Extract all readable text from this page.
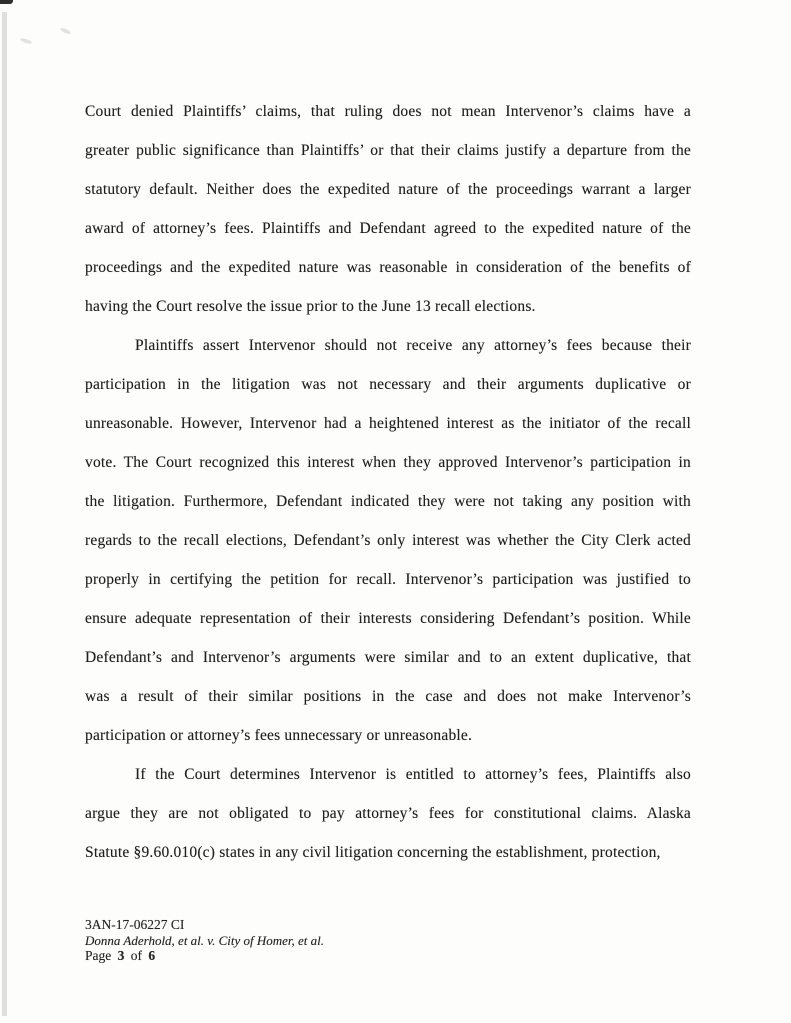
Court denied Plaintiffs’ claims, that ruling does not mean Intervenor’s claims have a
greater public significance than Plaintiffs’ or that their claims justify a departure from the
statutory default. Neither does the expedited nature of the proceedings warrant a larger
award of attorney’s fees. Plaintiffs and Defendant agreed to the expedited nature of the
proceedings and the expedited nature was reasonable in consideration of the benefits of
having the Court resolve the issue prior to the June 13 recall elections.
Plaintiffs assert Intervenor should not receive any attorney’s fees because their
participation in the litigation was not necessary and their arguments duplicative or
unreasonable. However, Intervenor had a heightened interest as the initiator of the recall
vote. The Court recognized this interest when they approved Intervenor’s participation in
the litigation. Furthermore, Defendant indicated they were not taking any position with
regards to the recall elections, Defendant’s only interest was whether the City Clerk acted
properly in certifying the petition for recall. Intervenor’s participation was justified to
ensure adequate representation of their interests considering Defendant’s position. While
Defendant’s and Intervenor’s arguments were similar and to an extent duplicative, that
was a result of their similar positions in the case and does not make Intervenor’s
participation or attorney’s fees unnecessary or unreasonable.
If the Court determines Intervenor is entitled to attorney’s fees, Plaintiffs also
argue they are not obligated to pay attorney’s fees for constitutional claims. Alaska
Statute §9.60.010(c) states in any civil litigation concerning the establishment, protection,
3AN-17-06227 CI
Donna Aderhold, et al. v. City of Homer, et al.
Page 3 of 6
